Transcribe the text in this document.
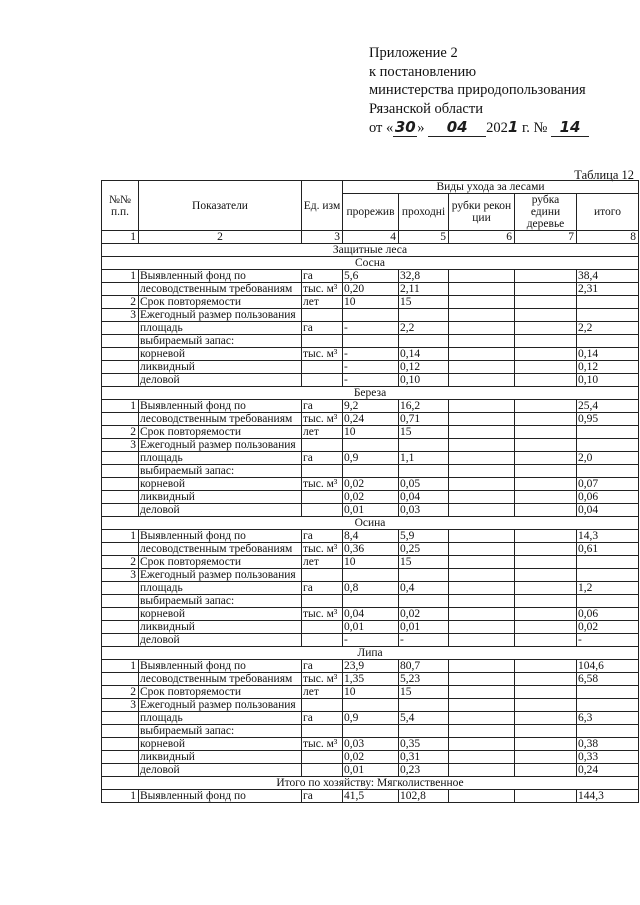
Приложение 2
к постановлению
министерства природопользования
Рязанской области
от « 30 » 04 2021 г. № 14
Таблица 12
№№ п.п.	Показатели	Ед. изм	Виды ухода за лесами				
			прорежив	проходнi	рубки рекон ции	рубка едини деревье	итого
1	2	3	4	5	6	7	8
Защитные леса							
Сосна							
1	Выявленный фонд по	га	5,6	32,8			38,4
	лесоводственным требованиям	тыс. м³	0,20	2,11			2,31
2	Срок повторяемости	лет	10	15			
3	Ежегодный размер пользования						
	площадь	га	-	2,2			2,2
	выбираемый запас:						
	корневой	тыс. м³	-	0,14			0,14
	ликвидный		-	0,12			0,12
	деловой		-	0,10			0,10
Береза							
1	Выявленный фонд по	га	9,2	16,2			25,4
	лесоводственным требованиям	тыс. м³	0,24	0,71			0,95
2	Срок повторяемости	лет	10	15			
3	Ежегодный размер пользования						
	площадь	га	0,9	1,1			2,0
	выбираемый запас:						
	корневой	тыс. м³	0,02	0,05			0,07
	ликвидный		0,02	0,04			0,06
	деловой		0,01	0,03			0,04
Осина							
1	Выявленный фонд по	га	8,4	5,9			14,3
	лесоводственным требованиям	тыс. м³	0,36	0,25			0,61
2	Срок повторяемости	лет	10	15			
3	Ежегодный размер пользования						
	площадь	га	0,8	0,4			1,2
	выбираемый запас:						
	корневой	тыс. м³	0,04	0,02			0,06
	ликвидный		0,01	0,01			0,02
	деловой		-	-			-
Липа							
1	Выявленный фонд по	га	23,9	80,7			104,6
	лесоводственным требованиям	тыс. м³	1,35	5,23			6,58
2	Срок повторяемости	лет	10	15			
3	Ежегодный размер пользования						
	площадь	га	0,9	5,4			6,3
	выбираемый запас:						
	корневой	тыс. м³	0,03	0,35			0,38
	ликвидный		0,02	0,31			0,33
	деловой		0,01	0,23			0,24
Итого по хозяйству: Мягколиственное							
1	Выявленный фонд по	га	41,5	102,8			144,3
